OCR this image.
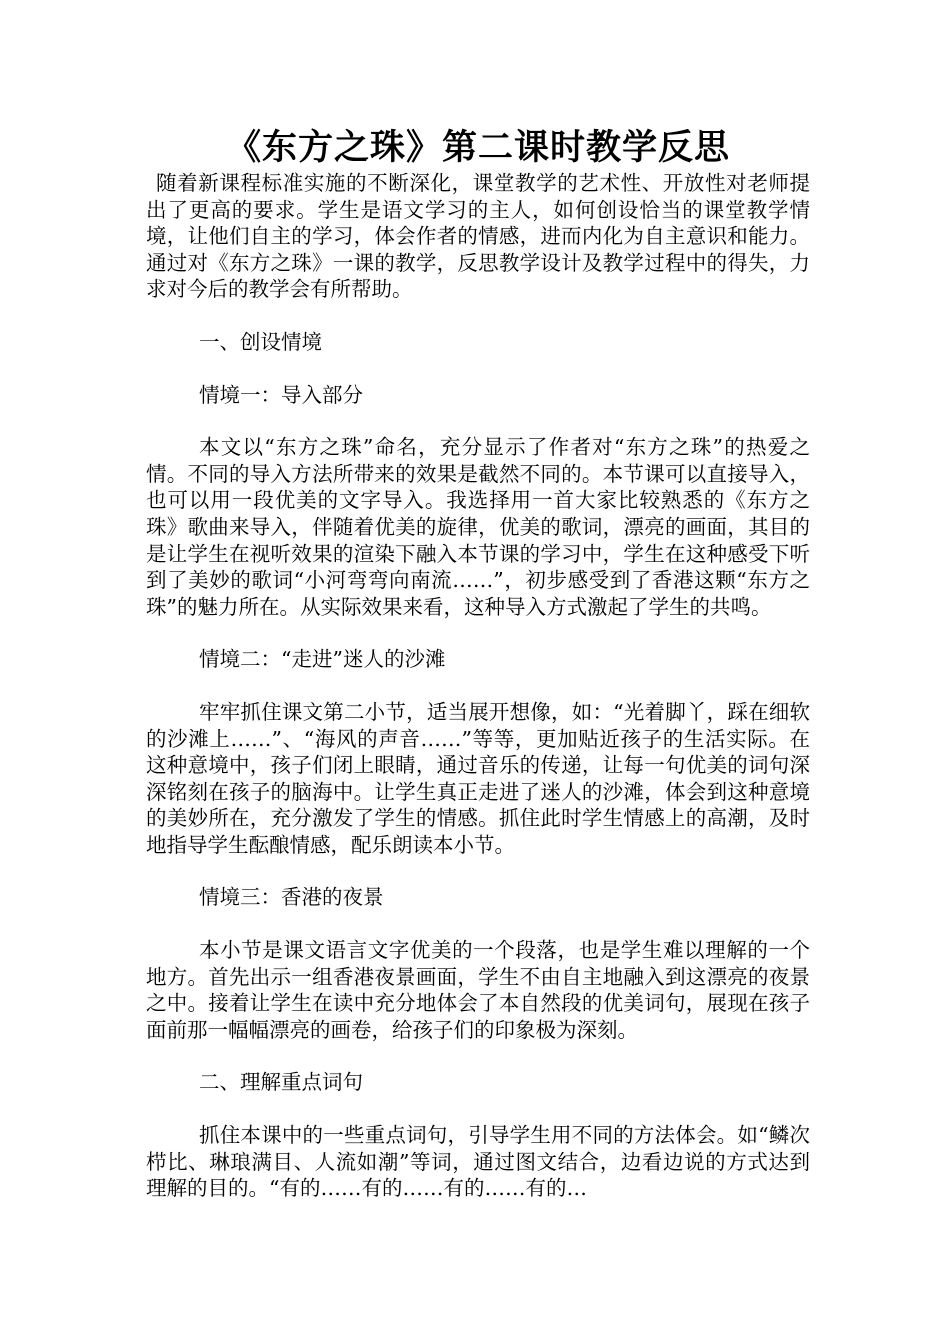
《东方之珠》第二课时教学反思

随着新课程标准实施的不断深化，课堂教学的艺术性、开放性对老师提出了更高的要求。学生是语文学习的主人，如何创设恰当的课堂教学情境，让他们自主的学习，体会作者的情感，进而内化为自主意识和能力。通过对《东方之珠》一课的教学，反思教学设计及教学过程中的得失，力求对今后的教学会有所帮助。

一、创设情境

情境一：导入部分

本文以“东方之珠”命名，充分显示了作者对“东方之珠”的热爱之情。不同的导入方法所带来的效果是截然不同的。本节课可以直接导入，也可以用一段优美的文字导入。我选择用一首大家比较熟悉的《东方之珠》歌曲来导入，伴随着优美的旋律，优美的歌词，漂亮的画面，其目的是让学生在视听效果的渲染下融入本节课的学习中，学生在这种感受下听到了美妙的歌词“小河弯弯向南流……”，初步感受到了香港这颗“东方之珠”的魅力所在。从实际效果来看，这种导入方式激起了学生的共鸣。

情境二：“走进”迷人的沙滩

牢牢抓住课文第二小节，适当展开想像，如：“光着脚丫，踩在细软的沙滩上……”、“海风的声音……”等等，更加贴近孩子的生活实际。在这种意境中，孩子们闭上眼睛，通过音乐的传递，让每一句优美的词句深深铭刻在孩子的脑海中。让学生真正走进了迷人的沙滩，体会到这种意境的美妙所在，充分激发了学生的情感。抓住此时学生情感上的高潮，及时地指导学生酝酿情感，配乐朗读本小节。

情境三：香港的夜景

本小节是课文语言文字优美的一个段落，也是学生难以理解的一个地方。首先出示一组香港夜景画面，学生不由自主地融入到这漂亮的夜景之中。接着让学生在读中充分地体会了本自然段的优美词句，展现在孩子面前那一幅幅漂亮的画卷，给孩子们的印象极为深刻。

二、理解重点词句

抓住本课中的一些重点词句，引导学生用不同的方法体会。如“鳞次栉比、琳琅满目、人流如潮”等词，通过图文结合，边看边说的方式达到理解的目的。“有的……有的……有的……有的…
